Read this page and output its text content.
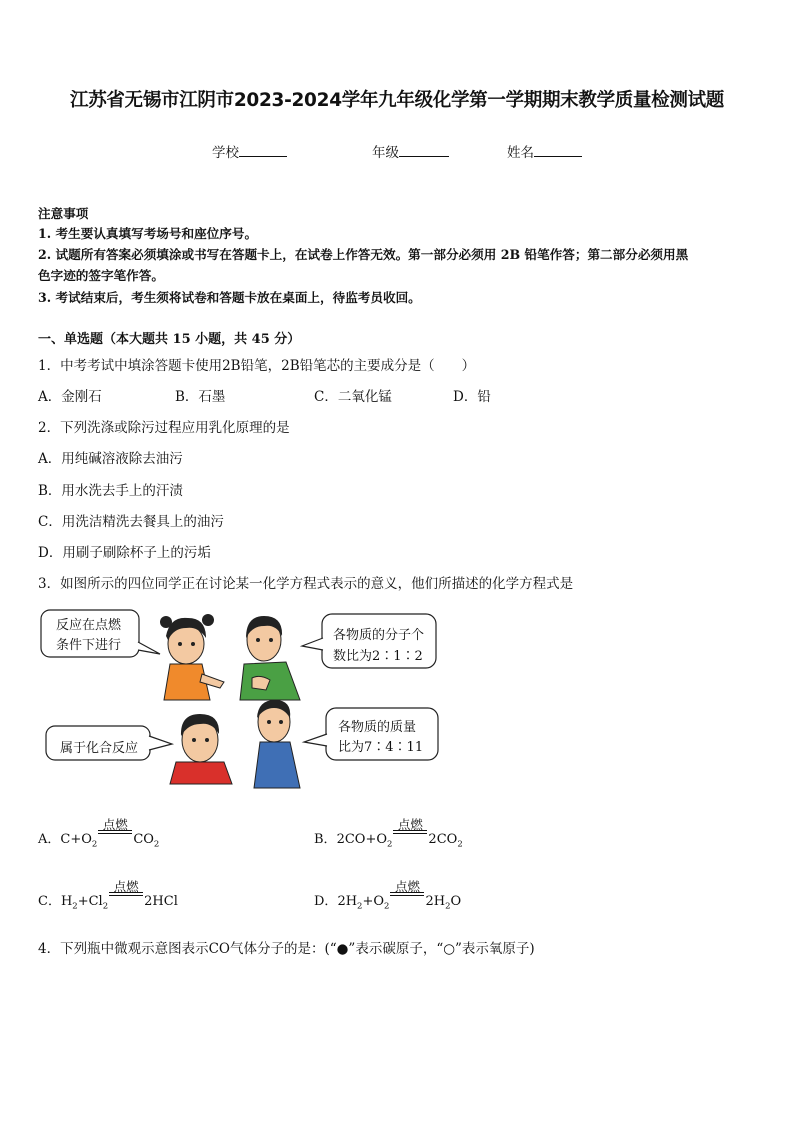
江苏省无锡市江阴市2023-2024学年九年级化学第一学期期末教学质量检测试题
学校	年级	姓名
注意事项
1. 考生要认真填写考场号和座位序号。
2. 试题所有答案必须填涂或书写在答题卡上，在试卷上作答无效。第一部分必须用 2B 铅笔作答；第二部分必须用黑
色字迹的签字笔作答。
3. 考试结束后，考生须将试卷和答题卡放在桌面上，待监考员收回。
一、单选题（本大题共 15 小题，共 45 分）
1．中考考试中填涂答题卡使用2B铅笔，2B铅笔芯的主要成分是（　　）
A．金刚石	B．石墨	C．二氧化锰	D．铅
2．下列洗涤或除污过程应用乳化原理的是
A．用纯碱溶液除去油污
B．用水洗去手上的汗渍
C．用洗洁精洗去餐具上的油污
D．用刷子刷除杯子上的污垢
3．如图所示的四位同学正在讨论某一化学方程式表示的意义，他们所描述的化学方程式是
反应在点燃
条件下进行
各物质的分子个
数比为2∶1∶2
属于化合反应
各物质的质量
比为7∶4∶11
A．$C+O_2$
点燃
$CO_2$	B．$2CO+O_2$
点燃
$2CO_2$
C．$H_2+Cl_2$
点燃
2HCl	D．$2H_2+O_2$
点燃
$2H_2O$
4．下列瓶中微观示意图表示CO气体分子的是：(“●”表示碳原子，“○”表示氧原子)
